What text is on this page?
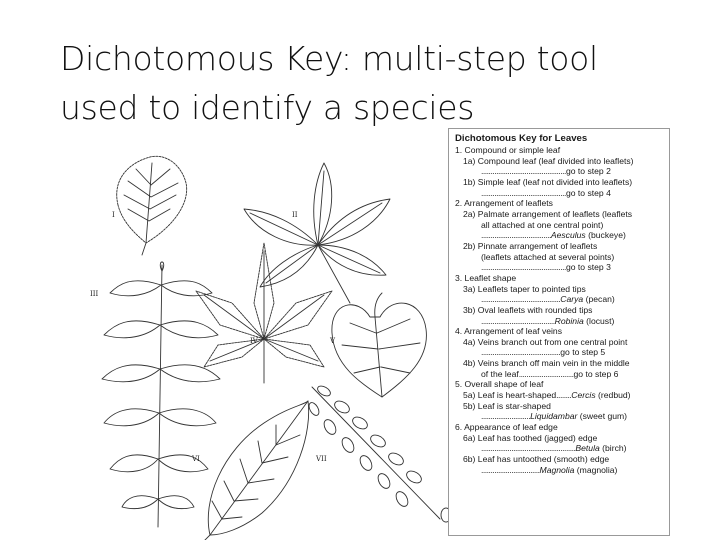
Dichotomous Key: multi-step tool
used to identify a species
I	II
III
IV	V
VI	VII
Dichotomous Key for Leaves
1. Compound or simple leaf
1a) Compound leaf (leaf divided into leaflets)
.............................................go to step 2
1b) Simple leaf (leaf not divided into leaflets)
.............................................go to step 4
2. Arrangement of leaflets
2a) Palmate arrangement of leaflets (leaflets
all attached at one central point)
.....................................Aesculus (buckeye)
2b) Pinnate arrangement of leaflets
(leaflets attached at several points)
.............................................go to step 3
3. Leaflet shape
3a) Leaflets taper to pointed tips
..........................................Carya (pecan)
3b) Oval leaflets with rounded tips
.......................................Robinia (locust)
4. Arrangement of leaf veins
4a) Veins branch out from one central point
..........................................go to step 5
4b) Veins branch off main vein in the middle
of the leaf.............................go to step 6
5. Overall shape of leaf
5a) Leaf is heart-shaped........Cercis (redbud)
5b) Leaf is star-shaped
..........................Liquidambar (sweet gum)
6. Appearance of leaf edge
6a) Leaf has toothed (jagged) edge
..................................................Betula (birch)
6b) Leaf has untoothed (smooth) edge
...............................Magnolia (magnolia)
